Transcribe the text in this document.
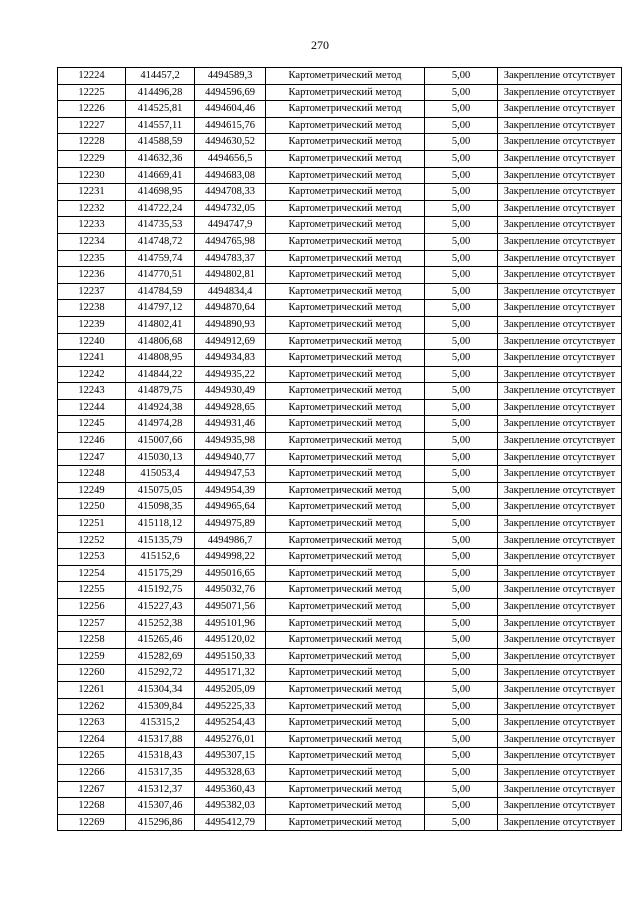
270
12224	414457,2	4494589,3	Картометрический метод	5,00	Закрепление отсутствует
12225	414496,28	4494596,69	Картометрический метод	5,00	Закрепление отсутствует
12226	414525,81	4494604,46	Картометрический метод	5,00	Закрепление отсутствует
12227	414557,11	4494615,76	Картометрический метод	5,00	Закрепление отсутствует
12228	414588,59	4494630,52	Картометрический метод	5,00	Закрепление отсутствует
12229	414632,36	4494656,5	Картометрический метод	5,00	Закрепление отсутствует
12230	414669,41	4494683,08	Картометрический метод	5,00	Закрепление отсутствует
12231	414698,95	4494708,33	Картометрический метод	5,00	Закрепление отсутствует
12232	414722,24	4494732,05	Картометрический метод	5,00	Закрепление отсутствует
12233	414735,53	4494747,9	Картометрический метод	5,00	Закрепление отсутствует
12234	414748,72	4494765,98	Картометрический метод	5,00	Закрепление отсутствует
12235	414759,74	4494783,37	Картометрический метод	5,00	Закрепление отсутствует
12236	414770,51	4494802,81	Картометрический метод	5,00	Закрепление отсутствует
12237	414784,59	4494834,4	Картометрический метод	5,00	Закрепление отсутствует
12238	414797,12	4494870,64	Картометрический метод	5,00	Закрепление отсутствует
12239	414802,41	4494890,93	Картометрический метод	5,00	Закрепление отсутствует
12240	414806,68	4494912,69	Картометрический метод	5,00	Закрепление отсутствует
12241	414808,95	4494934,83	Картометрический метод	5,00	Закрепление отсутствует
12242	414844,22	4494935,22	Картометрический метод	5,00	Закрепление отсутствует
12243	414879,75	4494930,49	Картометрический метод	5,00	Закрепление отсутствует
12244	414924,38	4494928,65	Картометрический метод	5,00	Закрепление отсутствует
12245	414974,28	4494931,46	Картометрический метод	5,00	Закрепление отсутствует
12246	415007,66	4494935,98	Картометрический метод	5,00	Закрепление отсутствует
12247	415030,13	4494940,77	Картометрический метод	5,00	Закрепление отсутствует
12248	415053,4	4494947,53	Картометрический метод	5,00	Закрепление отсутствует
12249	415075,05	4494954,39	Картометрический метод	5,00	Закрепление отсутствует
12250	415098,35	4494965,64	Картометрический метод	5,00	Закрепление отсутствует
12251	415118,12	4494975,89	Картометрический метод	5,00	Закрепление отсутствует
12252	415135,79	4494986,7	Картометрический метод	5,00	Закрепление отсутствует
12253	415152,6	4494998,22	Картометрический метод	5,00	Закрепление отсутствует
12254	415175,29	4495016,65	Картометрический метод	5,00	Закрепление отсутствует
12255	415192,75	4495032,76	Картометрический метод	5,00	Закрепление отсутствует
12256	415227,43	4495071,56	Картометрический метод	5,00	Закрепление отсутствует
12257	415252,38	4495101,96	Картометрический метод	5,00	Закрепление отсутствует
12258	415265,46	4495120,02	Картометрический метод	5,00	Закрепление отсутствует
12259	415282,69	4495150,33	Картометрический метод	5,00	Закрепление отсутствует
12260	415292,72	4495171,32	Картометрический метод	5,00	Закрепление отсутствует
12261	415304,34	4495205,09	Картометрический метод	5,00	Закрепление отсутствует
12262	415309,84	4495225,33	Картометрический метод	5,00	Закрепление отсутствует
12263	415315,2	4495254,43	Картометрический метод	5,00	Закрепление отсутствует
12264	415317,88	4495276,01	Картометрический метод	5,00	Закрепление отсутствует
12265	415318,43	4495307,15	Картометрический метод	5,00	Закрепление отсутствует
12266	415317,35	4495328,63	Картометрический метод	5,00	Закрепление отсутствует
12267	415312,37	4495360,43	Картометрический метод	5,00	Закрепление отсутствует
12268	415307,46	4495382,03	Картометрический метод	5,00	Закрепление отсутствует
12269	415296,86	4495412,79	Картометрический метод	5,00	Закрепление отсутствует
